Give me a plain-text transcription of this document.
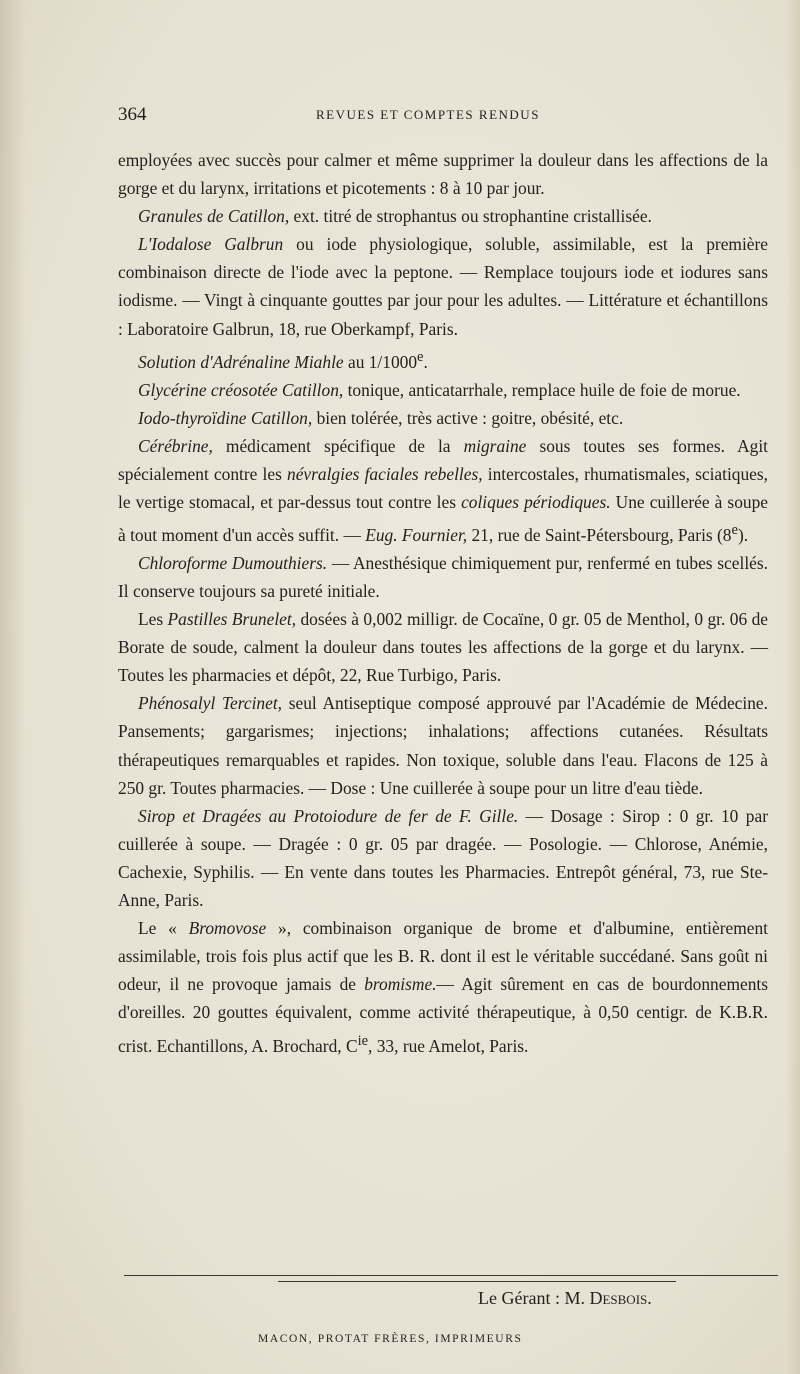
364	REVUES ET COMPTES RENDUS

employées avec succès pour calmer et même supprimer la douleur dans les affections de la gorge et du larynx, irritations et picotements : 8 à 10 par jour.

Granules de Catillon, ext. titré de strophantus ou strophantine cristallisée.

L'Iodalose Galbrun ou iode physiologique, soluble, assimilable, est la première combinaison directe de l'iode avec la peptone. — Remplace toujours iode et iodures sans iodisme. — Vingt à cinquante gouttes par jour pour les adultes. — Littérature et échantillons : Laboratoire Galbrun, 18, rue Oberkampf, Paris.

Solution d'Adrénaline Miahle au 1/1000e.

Glycérine créosotée Catillon, tonique, anticatarrhale, remplace huile de foie de morue.

Iodo-thyroïdine Catillon, bien tolérée, très active : goitre, obésité, etc.

Cérébrine, médicament spécifique de la migraine sous toutes ses formes. Agit spécialement contre les névralgies faciales rebelles, intercostales, rhumatismales, sciatiques, le vertige stomacal, et par-dessus tout contre les coliques périodiques. Une cuillerée à soupe à tout moment d'un accès suffit. — Eug. Fournier, 21, rue de Saint-Pétersbourg, Paris (8e).

Chloroforme Dumouthiers. — Anesthésique chimiquement pur, renfermé en tubes scellés. Il conserve toujours sa pureté initiale.

Les Pastilles Brunelet, dosées à 0,002 milligr. de Cocaïne, 0 gr. 05 de Menthol, 0 gr. 06 de Borate de soude, calment la douleur dans toutes les affections de la gorge et du larynx. — Toutes les pharmacies et dépôt, 22, Rue Turbigo, Paris.

Phénosalyl Tercinet, seul Antiseptique composé approuvé par l'Académie de Médecine. Pansements; gargarismes; injections; inhalations; affections cutanées. Résultats thérapeutiques remarquables et rapides. Non toxique, soluble dans l'eau. Flacons de 125 à 250 gr. Toutes pharmacies. — Dose : Une cuillerée à soupe pour un litre d'eau tiède.

Sirop et Dragées au Protoiodure de fer de F. Gille. — Dosage : Sirop : 0 gr. 10 par cuillerée à soupe. — Dragée : 0 gr. 05 par dragée. — Posologie. — Chlorose, Anémie, Cachexie, Syphilis. — En vente dans toutes les Pharmacies. Entrepôt général, 73, rue Ste-Anne, Paris.

Le « Bromovose », combinaison organique de brome et d'albumine, entièrement assimilable, trois fois plus actif que les B. R. dont il est le véritable succédané. Sans goût ni odeur, il ne provoque jamais de bromisme.— Agit sûrement en cas de bourdonnements d'oreilles. 20 gouttes équivalent, comme activité thérapeutique, à 0,50 centigr. de K.B.R. crist. Echantillons, A. Brochard, $C^{ie}$, 33, rue Amelot, Paris.

Le Gérant : M. Desbois.
MACON, PROTAT FRÈRES, IMPRIMEURS
